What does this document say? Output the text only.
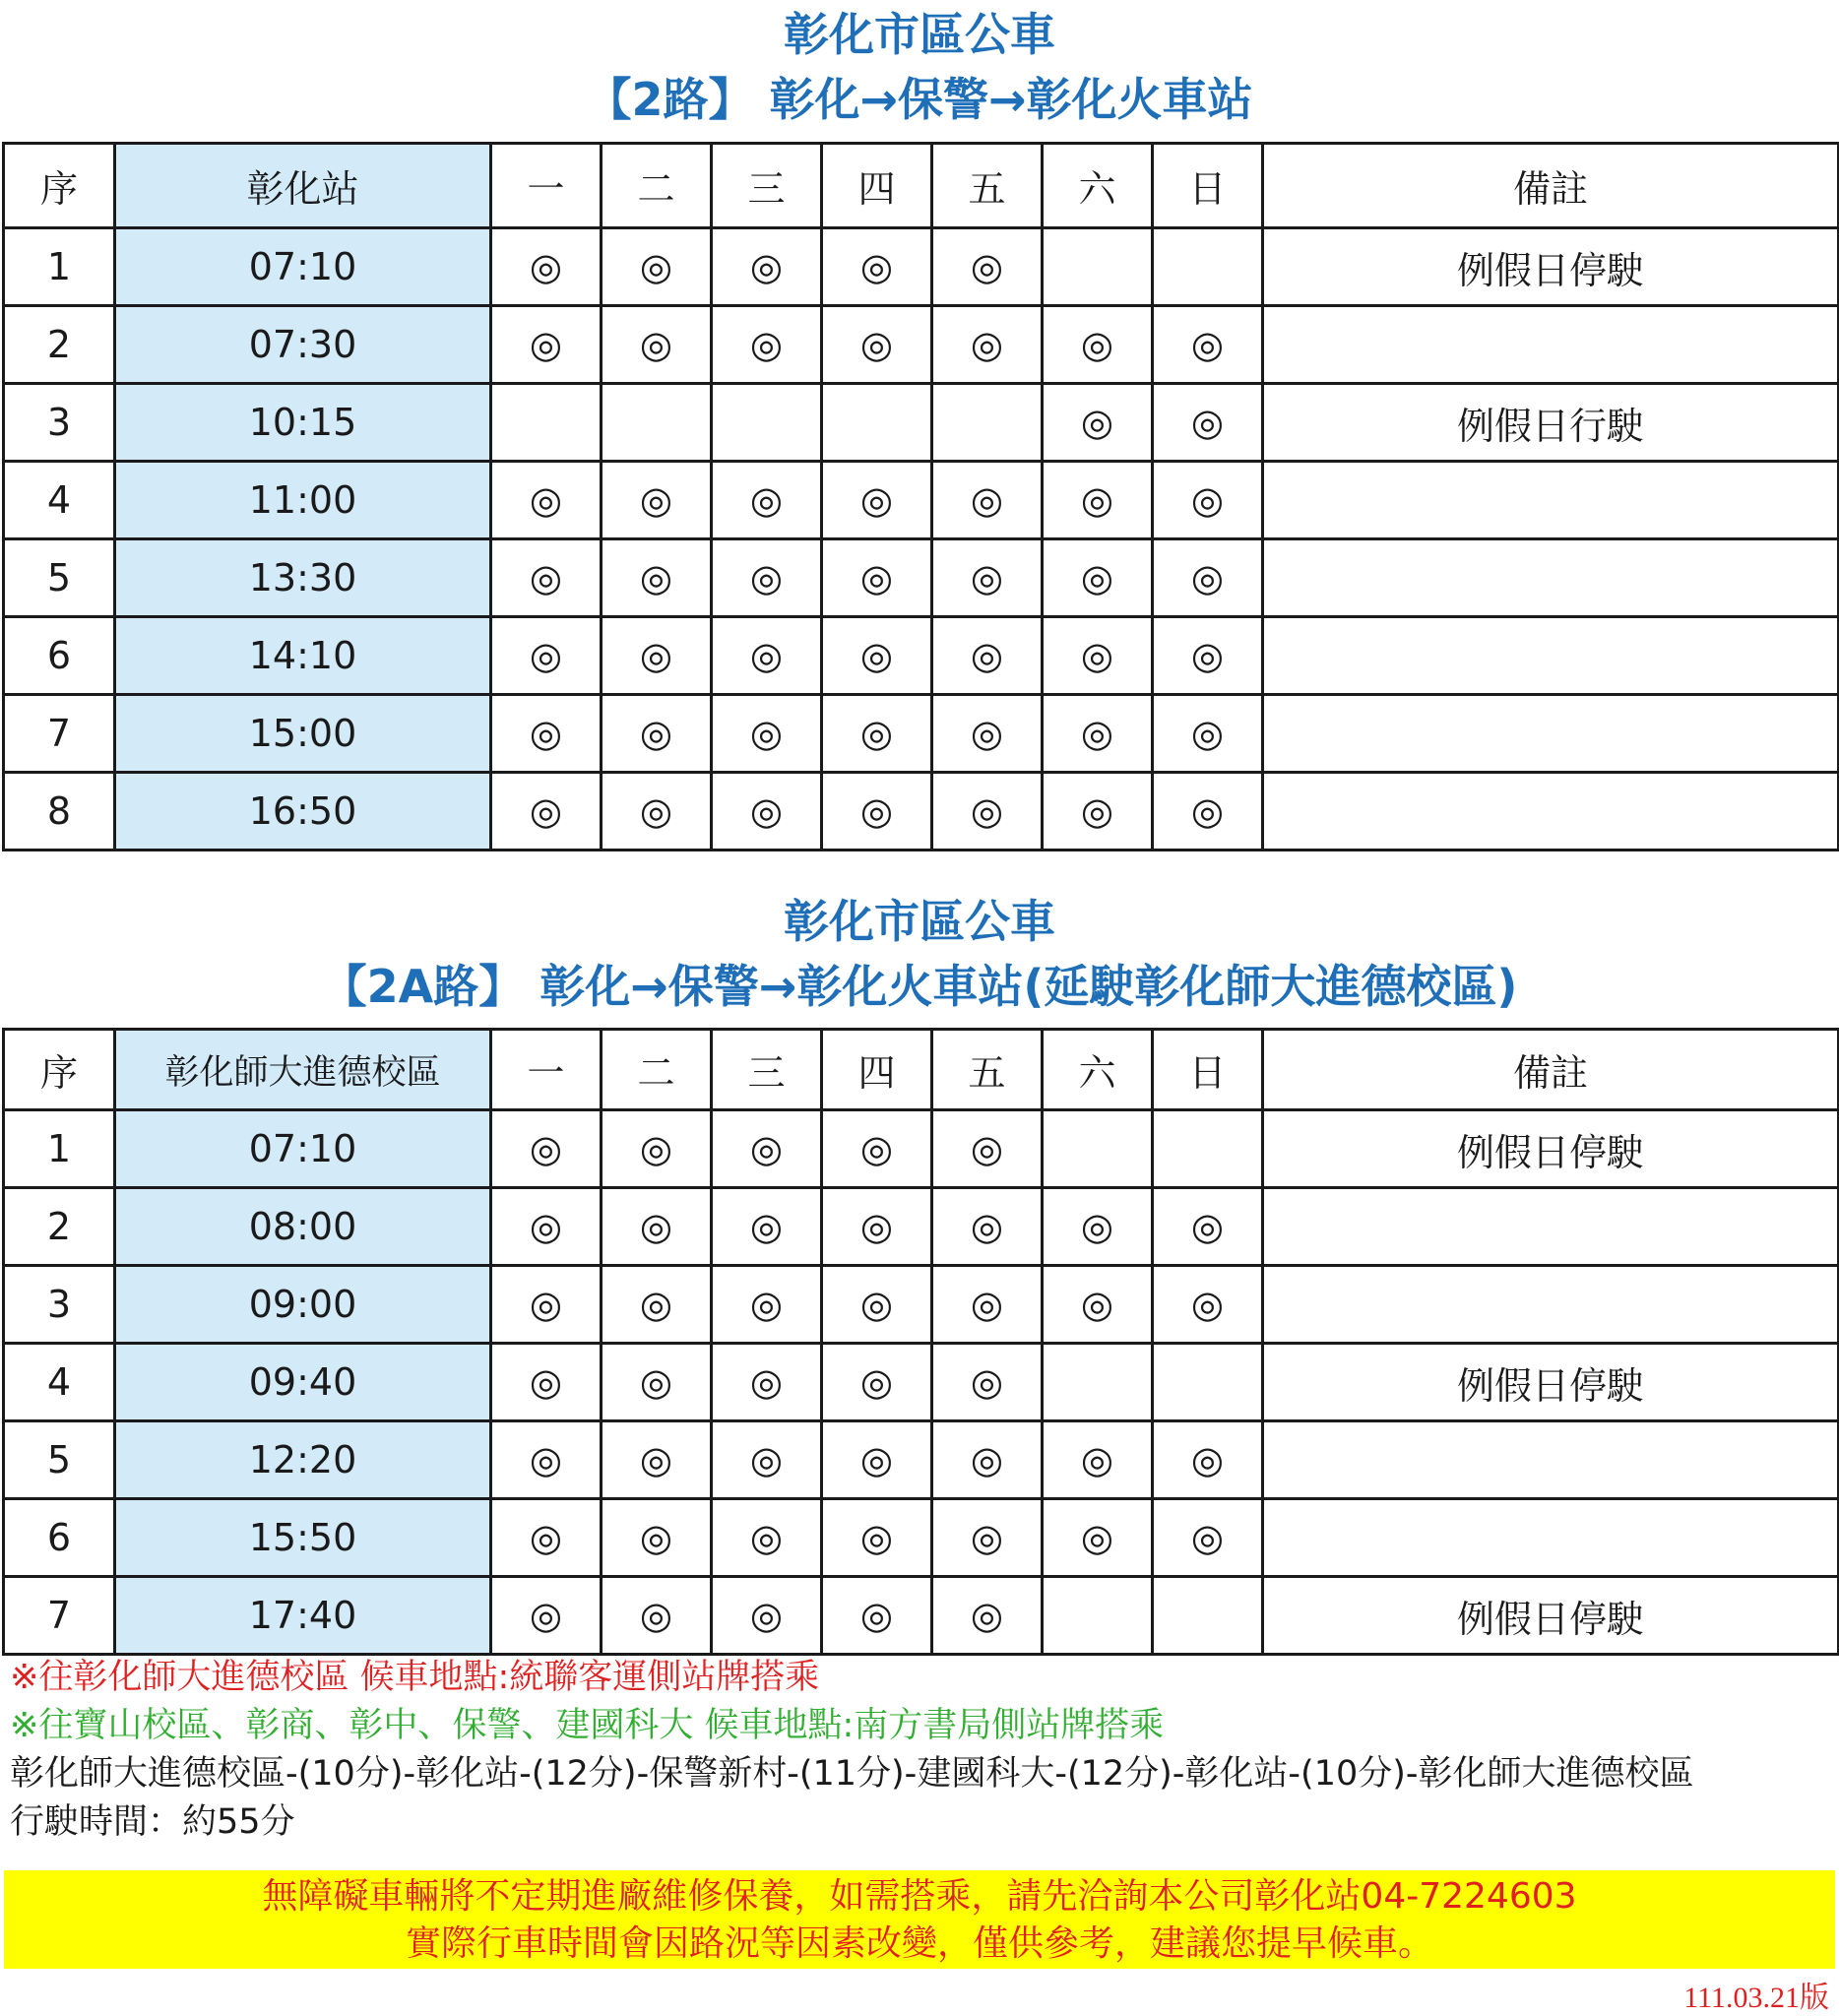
彰化市區公車
【2路】 彰化→保警→彰化火車站
序	彰化站	一	二	三	四	五	六	日	備註
1	07:10	◎	◎	◎	◎	◎			例假日停駛
2	07:30	◎	◎	◎	◎	◎	◎	◎	
3	10:15						◎	◎	例假日行駛
4	11:00	◎	◎	◎	◎	◎	◎	◎	
5	13:30	◎	◎	◎	◎	◎	◎	◎	
6	14:10	◎	◎	◎	◎	◎	◎	◎	
7	15:00	◎	◎	◎	◎	◎	◎	◎	
8	16:50	◎	◎	◎	◎	◎	◎	◎	
彰化市區公車
【2A路】 彰化→保警→彰化火車站(延駛彰化師大進德校區)
序	彰化師大進德校區	一	二	三	四	五	六	日	備註
1	07:10	◎	◎	◎	◎	◎			例假日停駛
2	08:00	◎	◎	◎	◎	◎	◎	◎	
3	09:00	◎	◎	◎	◎	◎	◎	◎	
4	09:40	◎	◎	◎	◎	◎			例假日停駛
5	12:20	◎	◎	◎	◎	◎	◎	◎	
6	15:50	◎	◎	◎	◎	◎	◎	◎	
7	17:40	◎	◎	◎	◎	◎			例假日停駛
※往彰化師大進德校區 候車地點:統聯客運側站牌搭乘
※往寶山校區、彰商、彰中、保警、建國科大 候車地點:南方書局側站牌搭乘
彰化師大進德校區-(10分)-彰化站-(12分)-保警新村-(11分)-建國科大-(12分)-彰化站-(10分)-彰化師大進德校區
行駛時間：約55分
無障礙車輛將不定期進廠維修保養，如需搭乘，請先洽詢本公司彰化站04-7224603
實際行車時間會因路況等因素改變，僅供參考，建議您提早候車。
111.03.21版
